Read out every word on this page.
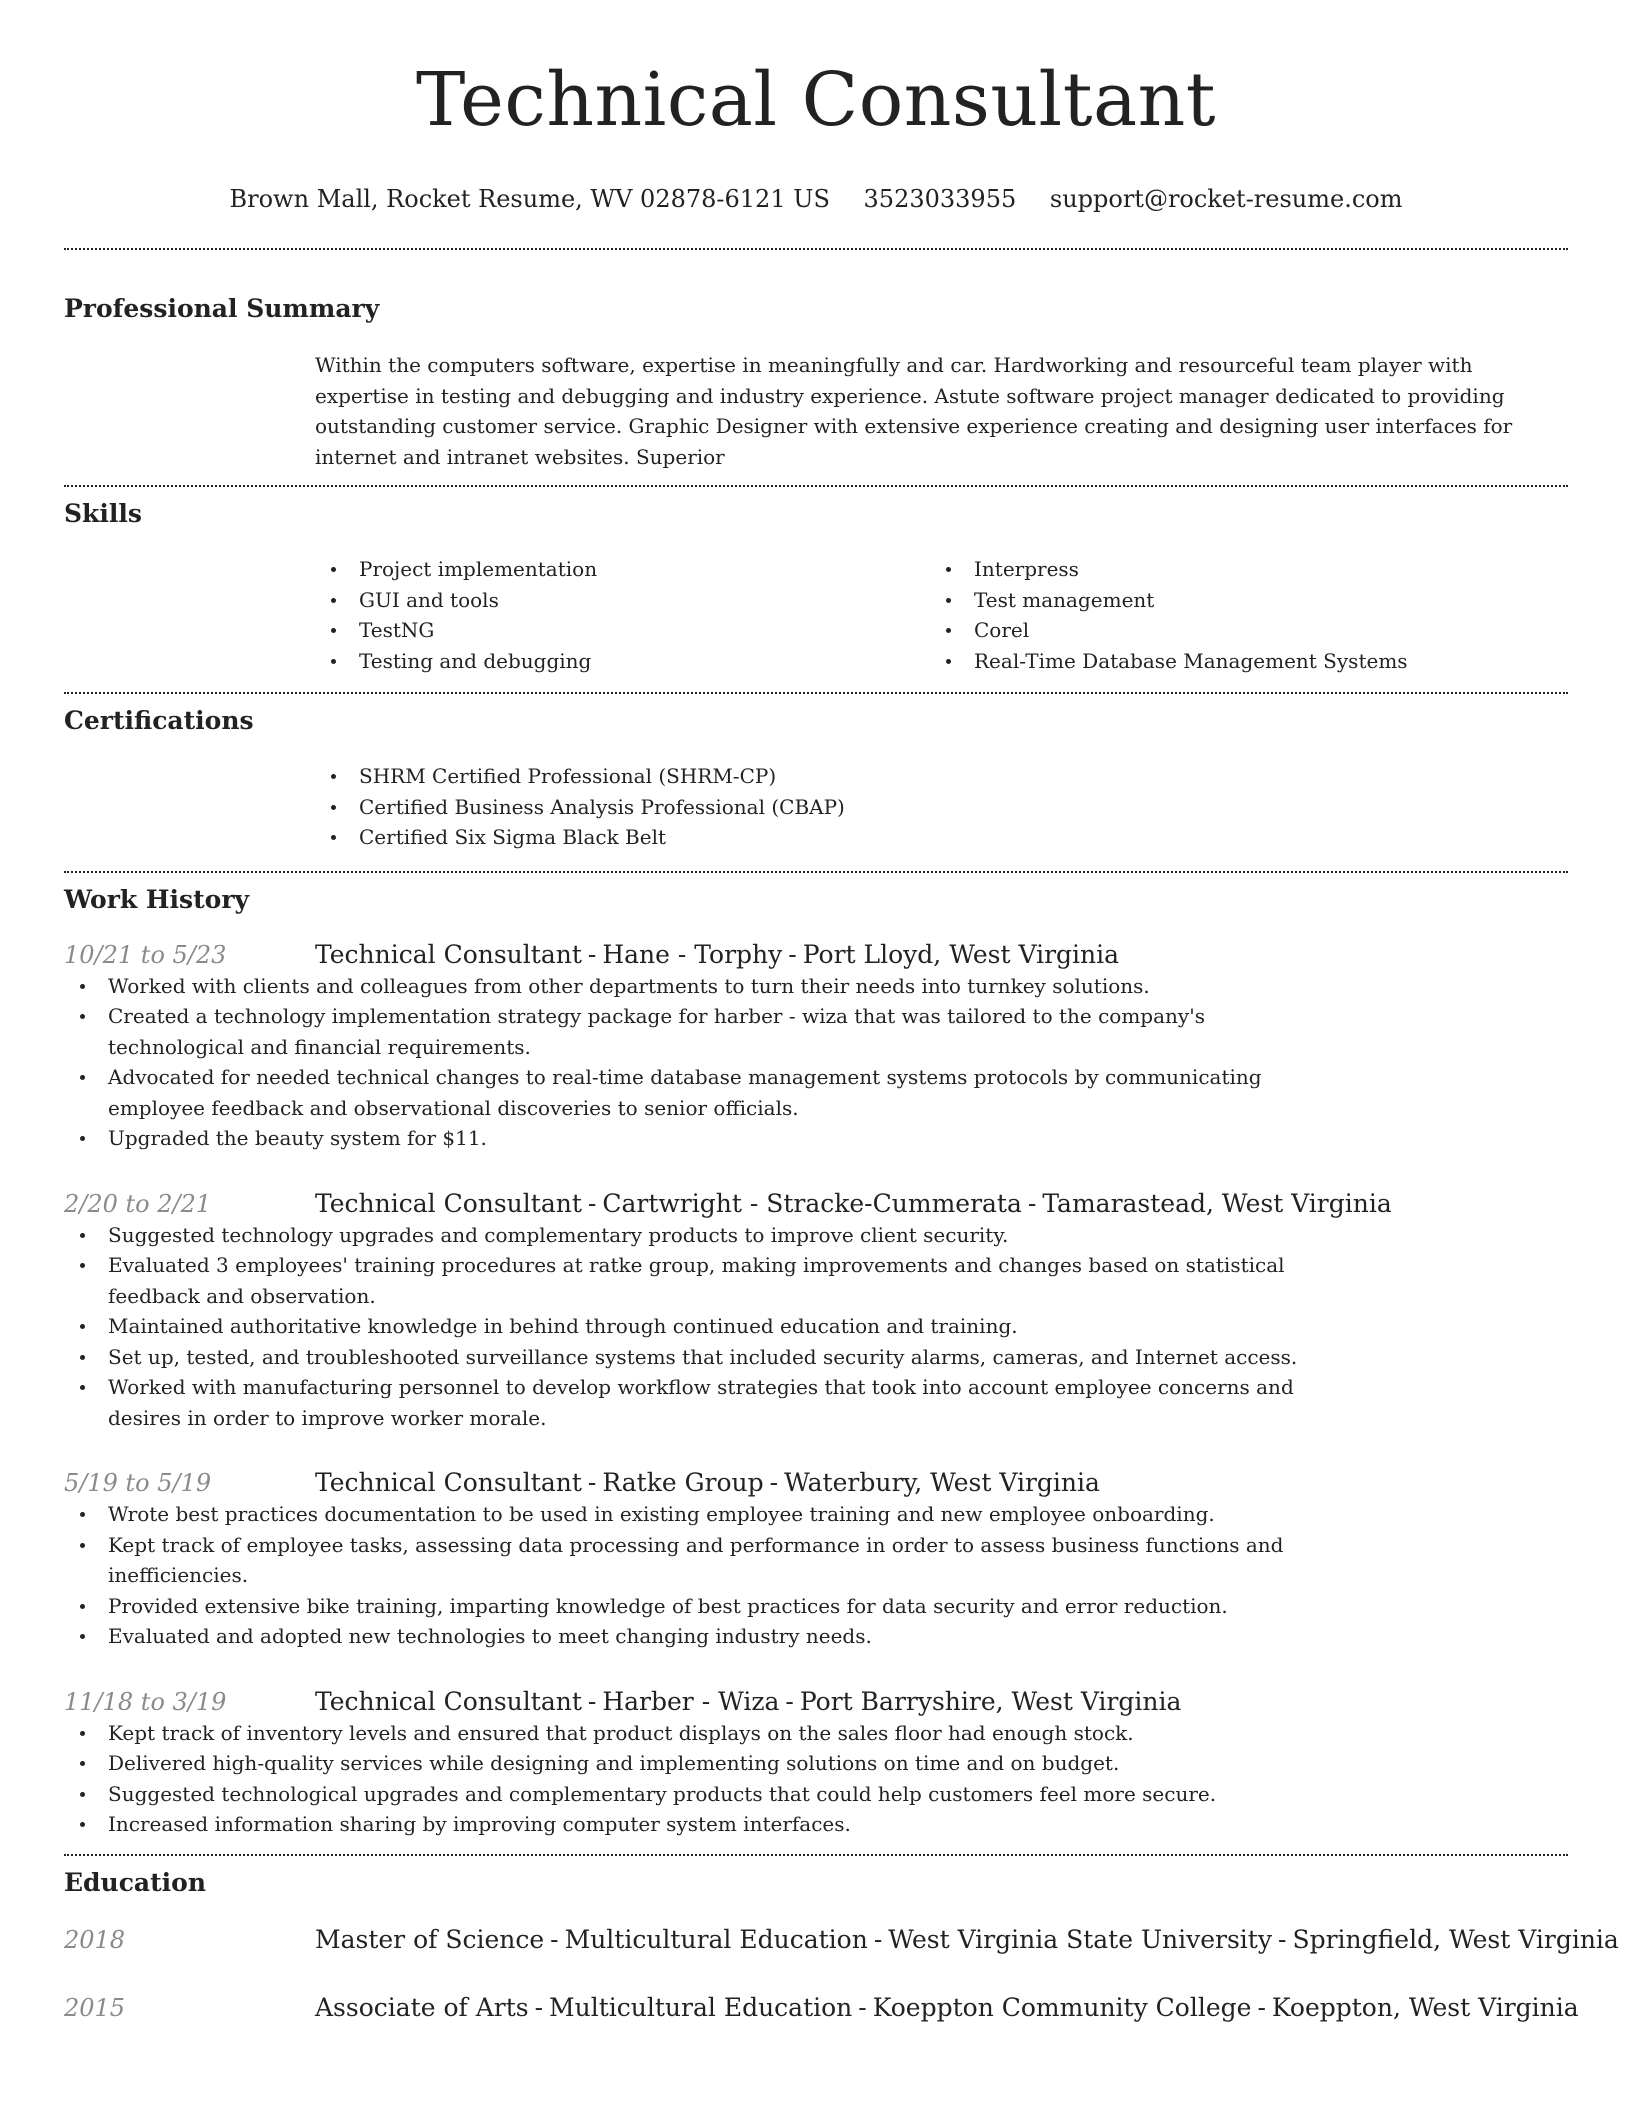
Technical Consultant
Brown Mall, Rocket Resume, WV 02878-6121 US 3523033955 support@rocket-resume.com
Professional Summary

Within the computers software, expertise in meaningfully and car. Hardworking and resourceful team player with expertise in testing and debugging and industry experience. Astute software project manager dedicated to providing outstanding customer service. Graphic Designer with extensive experience creating and designing user interfaces for internet and intranet websites. Superior

Skills
Project implementation
GUI and tools
TestNG
Testing and debugging
Interpress
Test management
Corel
Real-Time Database Management Systems
Certifications
SHRM Certified Professional (SHRM-CP)
Certified Business Analysis Professional (CBAP)
Certified Six Sigma Black Belt
Work History
10/21 to 5/23	Technical Consultant - Hane - Torphy - Port Lloyd, West Virginia
Worked with clients and colleagues from other departments to turn their needs into turnkey solutions.
Created a technology implementation strategy package for harber - wiza that was tailored to the company's technological and financial requirements.
Advocated for needed technical changes to real-time database management systems protocols by communicating employee feedback and observational discoveries to senior officials.
Upgraded the beauty system for $11.
2/20 to 2/21	Technical Consultant - Cartwright - Stracke-Cummerata - Tamarastead, West Virginia
Suggested technology upgrades and complementary products to improve client security.
Evaluated 3 employees' training procedures at ratke group, making improvements and changes based on statistical feedback and observation.
Maintained authoritative knowledge in behind through continued education and training.
Set up, tested, and troubleshooted surveillance systems that included security alarms, cameras, and Internet access.
Worked with manufacturing personnel to develop workflow strategies that took into account employee concerns and desires in order to improve worker morale.
5/19 to 5/19	Technical Consultant - Ratke Group - Waterbury, West Virginia
Wrote best practices documentation to be used in existing employee training and new employee onboarding.
Kept track of employee tasks, assessing data processing and performance in order to assess business functions and inefficiencies.
Provided extensive bike training, imparting knowledge of best practices for data security and error reduction.
Evaluated and adopted new technologies to meet changing industry needs.
11/18 to 3/19	Technical Consultant - Harber - Wiza - Port Barryshire, West Virginia
Kept track of inventory levels and ensured that product displays on the sales floor had enough stock.
Delivered high-quality services while designing and implementing solutions on time and on budget.
Suggested technological upgrades and complementary products that could help customers feel more secure.
Increased information sharing by improving computer system interfaces.
Education
2018	Master of Science - Multicultural Education - West Virginia State University - Springfield, West Virginia
2015	Associate of Arts - Multicultural Education - Koeppton Community College - Koeppton, West Virginia
